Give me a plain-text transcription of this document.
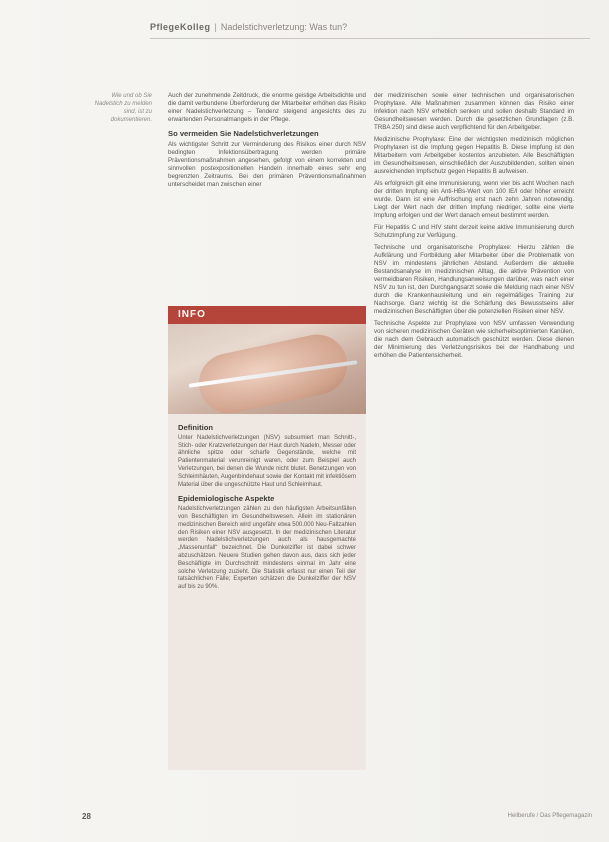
PflegeKolleg | Nadelstichverletzung: Was tun?
Wie und ob Sie Nadelstich zu melden sind, ist zu dokumentieren.

Auch der zunehmende Zeitdruck, die enorme geistige Arbeitsdichte und die damit verbundene Überforderung der Mitarbeiter erhöhen das Risiko einer Nadelstichverletzung – Tendenz steigend angesichts des zu erwartenden Personalmangels in der Pflege.

So vermeiden Sie Nadelstichverletzungen

Als wichtigster Schritt zur Verminderung des Risikos einer durch NSV bedingten Infektionsübertragung werden primäre Präventionsmaßnahmen angesehen, gefolgt von einem korrekten und sinnvollen postexpositionellen Handeln innerhalb eines sehr eng begrenzten Zeitraums. Bei den primären Präventionsmaßnahmen unterscheidet man zwischen einer

INFO
Definition

Unter Nadelstichverletzungen (NSV) subsumiert man Schnitt-, Stich- oder Kratzverletzungen der Haut durch Nadeln, Messer oder ähnliche spitze oder scharfe Gegenstände, welche mit Patientenmaterial verunreinigt waren, oder zum Beispiel auch Verletzungen, bei denen die Wunde nicht blutet. Benetzungen von Schleimhäuten, Augenbindehaut sowie der Kontakt mit infektiösem Material über die ungeschützte Haut und Schleimhaut.

Epidemiologische Aspekte

Nadelstichverletzungen zählen zu den häufigsten Arbeitsunfällen von Beschäftigten im Gesundheitswesen. Allein im stationären medizinischen Bereich wird ungefähr etwa 500.000 Neu-Fallzahlen den Risiken einer NSV ausgesetzt. In der medizinischen Literatur werden Nadelstichverletzungen auch als hausgemachte „Massenunfall“ bezeichnet. Die Dunkelziffer ist dabei schwer abzuschätzen. Neuere Studien gehen davon aus, dass sich jeder Beschäftigte im Durchschnitt mindestens einmal im Jahr eine solche Verletzung zuzieht. Die Statistik erfasst nur einen Teil der tatsächlichen Fälle; Experten schätzen die Dunkelziffer der NSV auf bis zu 90%.

der medizinischen sowie einer technischen und organisatorischen Prophylaxe. Alle Maßnahmen zusammen können das Risiko einer Infektion nach NSV erheblich senken und sollen deshalb Standard im Gesundheitswesen werden. Durch die gesetzlichen Grundlagen (z.B. TRBA 250) sind diese auch verpflichtend für den Arbeitgeber.

Medizinische Prophylaxe: Eine der wichtigsten medizinisch möglichen Prophylaxen ist die Impfung gegen Hepatitis B. Diese Impfung ist den Mitarbeitern vom Arbeitgeber kostenlos anzubieten. Alle Beschäftigten im Gesundheitswesen, einschließlich der Auszubildenden, sollten einen ausreichenden Impfschutz gegen Hepatitis B aufweisen.

Als erfolgreich gilt eine Immunisierung, wenn vier bis acht Wochen nach der dritten Impfung ein Anti-HBs-Wert von 100 IE/l oder höher erreicht wurde. Dann ist eine Auffrischung erst nach zehn Jahren notwendig. Liegt der Wert nach der dritten Impfung niedriger, sollte eine vierte Impfung erfolgen und der Wert danach erneut bestimmt werden.

Für Hepatitis C und HIV steht derzeit keine aktive Immunisierung durch Schutzimpfung zur Verfügung.

Technische und organisatorische Prophylaxe: Hierzu zählen die Aufklärung und Fortbildung aller Mitarbeiter über die Problematik von NSV im mindestens jährlichen Abstand. Außerdem die aktuelle Bestandsanalyse im medizinischen Alltag, die aktive Prävention von vermeidbaren Risiken, Handlungsanweisungen darüber, was nach einer NSV zu tun ist, den Durchgangsarzt sowie die Meldung nach einer NSV durch die Krankenhausleitung und ein regelmäßiges Training zur Nachsorge. Ganz wichtig ist die Schärfung des Bewusstseins aller medizinischen Beschäftigten über die potenziellen Risiken einer NSV.

Technische Aspekte zur Prophylaxe von NSV umfassen Verwendung von sicheren medizinischen Geräten wie sicherheitsoptimierten Kanülen, die nach dem Gebrauch automatisch geschützt werden. Diese dienen der Minimierung des Verletzungsrisikos bei der Handhabung und erhöhen die Patientensicherheit.

28	Heilberufe / Das Pflegemagazin
